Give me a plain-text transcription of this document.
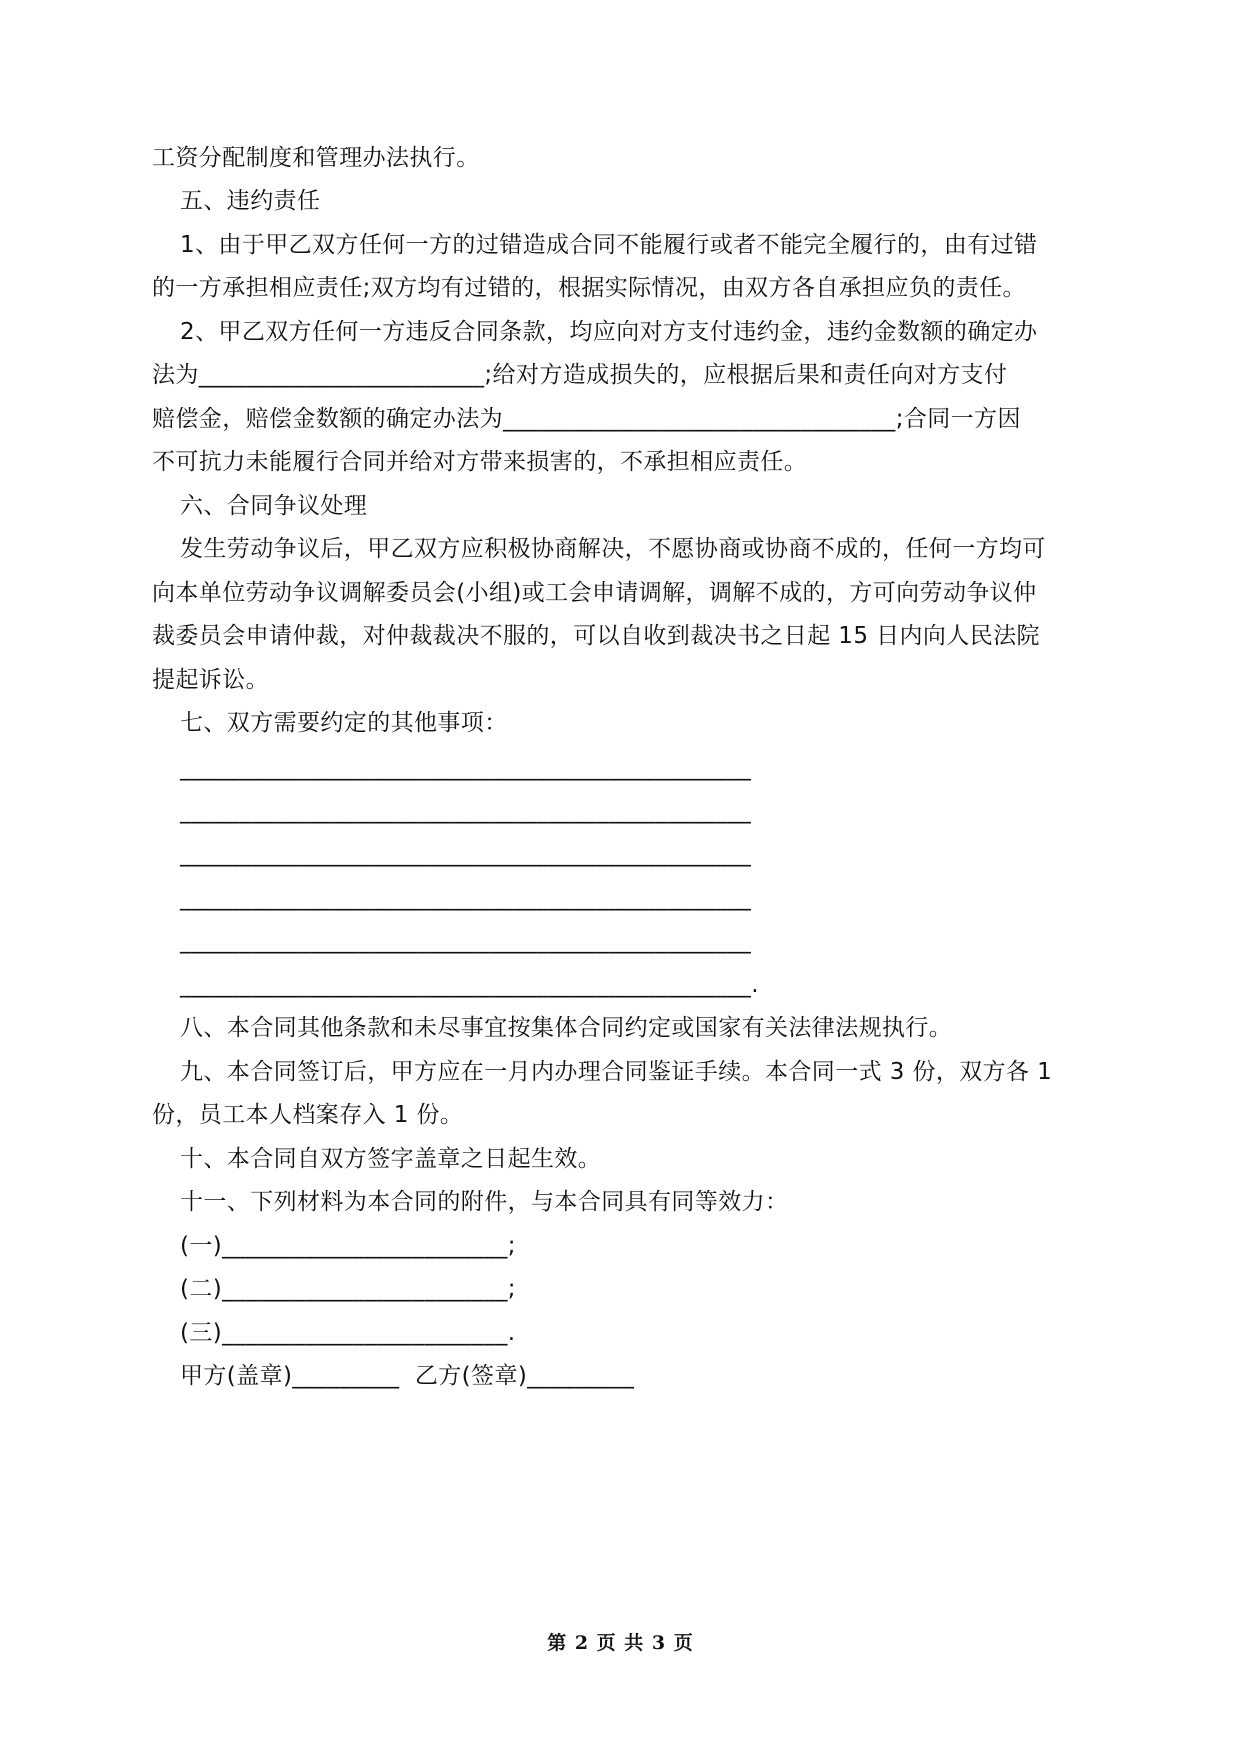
工资分配制度和管理办法执行。
五、违约责任
1、由于甲乙双方任何一方的过错造成合同不能履行或者不能完全履行的，由有过错
的一方承担相应责任;双方均有过错的，根据实际情况，由双方各自承担应负的责任。
2、甲乙双方任何一方违反合同条款，均应向对方支付违约金，违约金数额的确定办
法为________________________;给对方造成损失的，应根据后果和责任向对方支付
赔偿金，赔偿金数额的确定办法为_________________________________;合同一方因
不可抗力未能履行合同并给对方带来损害的，不承担相应责任。
六、合同争议处理
发生劳动争议后，甲乙双方应积极协商解决，不愿协商或协商不成的，任何一方均可
向本单位劳动争议调解委员会(小组)或工会申请调解，调解不成的，方可向劳动争议仲
裁委员会申请仲裁，对仲裁裁决不服的，可以自收到裁决书之日起 15 日内向人民法院
提起诉讼。
七、双方需要约定的其他事项：
________________________________________________
________________________________________________
________________________________________________
________________________________________________
________________________________________________
________________________________________________.
八、本合同其他条款和未尽事宜按集体合同约定或国家有关法律法规执行。
九、本合同签订后，甲方应在一月内办理合同鉴证手续。本合同一式 3 份，双方各 1
份，员工本人档案存入 1 份。
十、本合同自双方签字盖章之日起生效。
十一、下列材料为本合同的附件，与本合同具有同等效力：
(一)________________________;
(二)________________________;
(三)________________________.
甲方(盖章)_________  乙方(签章)_________
第 2 页 共 3 页
